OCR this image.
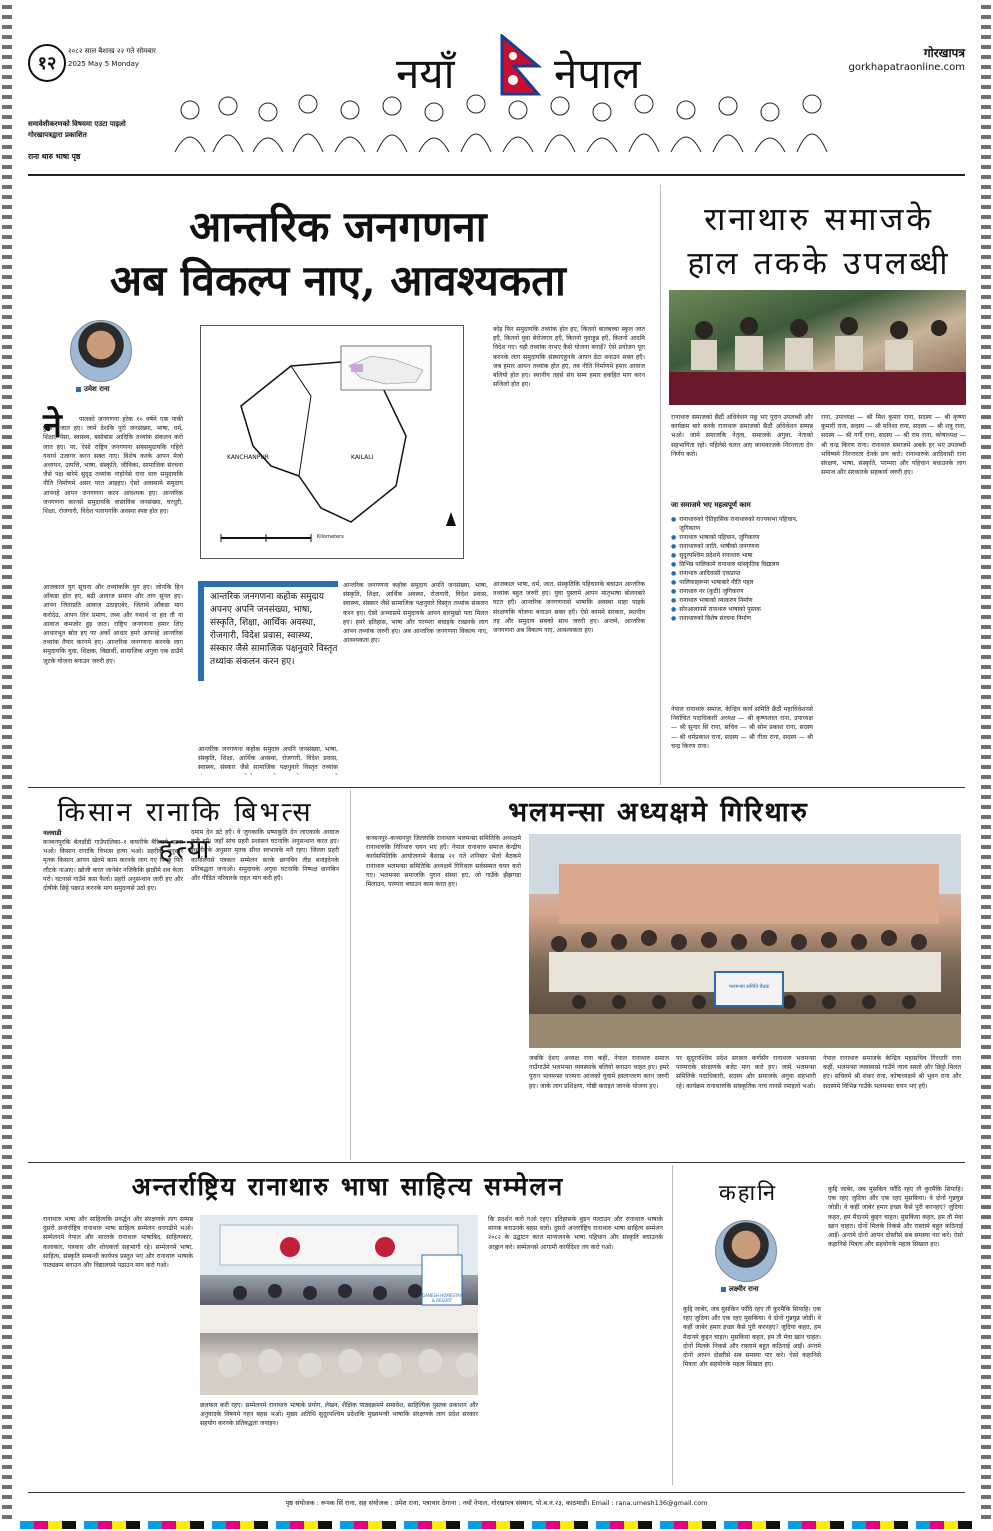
१२
२०८२ साल बैशाख २२ गते सोमबार
2025 May 5 Monday	नयाँ नेपाल	गोरखापत्र
gorkhapatraonline.com
समावेशीकरणको विषयमा एउटा पाइलो
गोरखापत्रद्वारा प्रकाशित
राना थारु भाषा पृष्ठ
आन्तरिक जनगणना
अब विकल्प नाए, आवश्यकता
उमेश राना
ने	पालको जनगणना हरेक १० वर्षमे एक पाकी हुआे जात हए। जामे देशकि पुरो जनसंख्या, भाषा, धर्म, शिक्षा, पेसा, स्वास्थ्य, बसोबास आदिकि तथ्यांक संकलन करो जात हए। पर, ऐसो राष्ट्रिय जनगणना सबसमुदायकि गहिरो यथार्थ उजागर करन सक्त नाए। विशेष करके आपन मेजो अध्ययन, उत्पत्ति, भाषा, संस्कृति, जीविका, सामाजिक संरचना जैसे पक्ष बारेमे सुदृढ तथ्यांक नाहोनेसे राना थारु समुदायकि नीति निर्माणमे असर परत आइहए। ऐसो अवस्थामे समुदाय आपनहे आपन जनगणना करन आवश्यक हए। आन्तरिक जनगणना करनसे समुदायकि वास्तविक जनसंख्या, घरधुरी, शिक्षा, रोजगारी, विदेश पलायनकि अवस्था स्पष्ट होत हए।
आजकाल युग सूचना और तथ्यांककि युग हए। जोनकि हिन आँकडा होत हए, बढी आवाज समान और ताग सुनत हए। आपन जिताप्रति आवाज उठाइएबेर, जिताथे आँकडा माग करोदेउ, आपन तिन प्रमाण, तथ्य और यथार्थ ना हत तौ ना आवाज कमजोर हुइ जात। राष्ट्रिय जनगणना हमार लिए आधारभूत स्रोत हए पर अर्को आधार हमरे आपनहे आन्तरिक तथ्यांक तैयार करनमे हए। आन्तरिक जनगणना करनके लाग समुदायकि युवा, शिक्षक, विद्यार्थी, सामाजिक अगुवा एक ठाउँमे जुटके योजना बनाउन जरुरी हए।
KANCHANPUR	KAILALI
Kilometers
कोइ फिर समुदायकि तथ्यांक होत हए, कितनो बालबच्चा स्कुल जात हएँ, कितनो युवा बेरोजगार हएँ, कितनो युवाहुन्न हएँ, कितनो आदमि विदेश गए। यही तथ्यांक नाभए कैसे योजना बनाइँ? ऐसे प्रयोजन पूरा करनके लाग समुदायकि संस्थाएहुनके आपन डेटा बनाउन सक्त हएँ। जब हमार आपन तथ्यांक होत हए, तब नीति निर्माणमे हमार आवाज बलियो होत हए। स्थानीय तहसे संघ सम्म हमार हकहित माग करन सजिलो होत हए।
आजकाल भाषा, धर्म, जात, संस्कृतिकि पहिचानके बचाउन आन्तरिक तथ्यांक बहुत जरुरी हए। युवा पुस्तामे आपन मातृभाषा बोलनबारे घटत हएँ। आन्तरिक जनगणनासे भाषाकि अवस्था थाहा पाइके संरक्षणकि योजना बनाउन सक्त हएँ। ऐसे काममे सरकार, स्थानीय तह और समुदाय सबको साथ जरुरी हए। अन्तमे, आन्तरिक जनगणना अब विकल्प नाए, आवश्यकता हए।
आन्तरिक जनगणना कहोक समुदाय अपनए अपनि जनसंख्या, भाषा, संस्कृति, शिक्षा, आर्थिक अवस्था, रोजगारी, विदेश प्रवास, स्वास्थ्य, संस्कार जैसे सामाजिक पक्षनुवारे विस्तृत तथ्यांक संकलन करन हए।
आन्तरिक जनगणना कहोक समुदाय अपनि जनसंख्या, भाषा, संस्कृति, शिक्षा, आर्थिक अवस्था, रोजगारी, विदेश प्रवास, स्वास्थ्य, संस्कार जैसे सामाजिक पक्षनुवारे विस्तृत तथ्यांक संकलन करन हए। ऐसो अभ्यासमे समुदायके आपन बारमुखो पता मिलत हए। हमरे इतिहास, भाषा और परम्परा बचाइके राखनके लाग आपन तथ्यांक जरुरी हए। अब आन्तरिक जनगणना विकल्प नाए, आवश्यकता हए।
आन्तरिक जनगणना कहोक समुदाय अपनि जनसंख्या, भाषा, संस्कृति, शिक्षा, आर्थिक अवस्था, रोजगारी, विदेश प्रवास, स्वास्थ्य, संस्कार जैसे सामाजिक पक्षनुवारे विस्तृत तथ्यांक
रानाथारु समाजके
हाल तकके उपलब्धी
रानाथारु समाजको छैठौं अधिवेशन पछु भए पुरान उपलब्धी और कार्यक्रम बारे करके रानाथारु समाजको छैठौं अधिवेशन सम्पन्न भओ। जामे समाजकि नेतृत्व, समाजके अगुवा, नेताको सहभागिता रहो। पहिलेसे चलत आए कामकाजके निरन्तरता देन निर्णय करो।
जा समाजमे भए महत्वपूर्ण काम
● रानाथारुको ऐतिहासिक रानाथारुको राज्यसभा पहिचान, जुगिकरण
● रानाथारु भाषाको पहिचान, जुगिकरण
● रानाथारुको जाति, भाषीको जनगणना
● सुदूरपश्चिम प्रदेशमे रानाथारु भाषा
● विभिन्न पालिकामे रानाथारु सांस्कृतिक विद्यालय
● रानाथारु आदिवासी एकप्राप्त
● पालिकाहरूमा भाषाबारे नीति पहल
● रानाथारु नर (कुटी) जुगिकरण
● रानाथारु भाषाको व्याकरण निर्माण
● सोरआलापसे रानाथारु भाषाको पुस्तक
● रानाथारुको विशेष संरचना निर्माण
नेपाल रानाथारु समाज, केन्द्रिय कार्य समिति छैठौं महाधिवेशनसे निर्वाचित पदाधिकारी अध्यक्ष — श्री कृष्णलाल राना, उपाध्यक्ष — श्री सुन्दर सिं राना, सचिव — श्री सोम प्रकाश राना, सदस्य — श्री धर्मप्रकाश राना, सदस्य — श्री गीता राना, सदस्य — श्री चन्द्र किरण राना।
राना, उपाध्यक्ष — श्री मिश कुमार राना, सदस्य — श्री कृष्णा कुमारी राना, सदस्य — श्री मनिशा राना, सदस्य — श्री शत्रु राना, सदस्य — श्री गर्गी राना, सदस्य — श्री राम राना, कोषाध्यक्ष — श्री चन्द्र किरण राना। रानाथारु समाजमे अबके हर भए उपलब्धी भविष्यमे निरन्तरता देनके प्रण करो। रानाथारुके आदिवासी राना संरक्षण, भाषा, संस्कृति, परम्परा और पहिचान बचाउनके लाग समाज और सरकारके सहकार्य जरुरी हए।
किसान रानाकि बिभत्स हत्या
नलवाडी
कञ्चनपुरकि बेलडाँडी गाउँपालिका–१ कफरीके बैरियामे घटना भओ। किसान रानाकि विभत्स हत्या भओ। प्रहरीके अनुसार मृतक किसान आपन खेतमे काम करनके लाग गए पिच्छु फिर लौटके नाआए। खोजी करत जानेबेर नजिकैकि झाडीमे शव फेला परो। घटनासे गाउँमे त्रास फैलो। प्रहरी अनुसन्धान जारी हए और दोषीके छिट्टे पक्राउ करनके माग समुदायसे उठो हए।
दमाम देन डटे हएँ। वे जुगकाकि प्रष्पाकुति देन लाएकाके आवाज करी हएँ। जहाँ सांच प्रहरी प्रशासन घटनाकि अनुसन्धान करत हए। स्थानीयके अनुसार मृतक सीधा स्वभावके मनै रहए। जिल्ला प्रहरी कार्यालयसे पत्रकार सम्मेलन करके छानबिन तीव्र बनाइदेनके प्रतिबद्धता जनाओ। समुदायके अगुवा घटनाकि निष्पक्ष छानबिन और पीडित परिवारके राहत माग करी हएँ।
भलमन्सा अध्यक्षमे गिरिथारु
कञ्चनपुर–कञ्चनपुर जिल्लाकि रानाथारु भलमन्सा समितिकि अध्यक्षमे रानाथारुकि गिरिथारु चयन भए हएँ। नेपाल रानाथारु समाज केन्द्रीय कार्यसमितिकि आयोजनामे बैशाख २१ गते शनिबार भैलो बैठकमे रानाथारु भलमन्सा समितिकि अध्यक्षमे गिरिथारु सर्वसम्मत चयन करो गए। भलमन्सा समाजकि पुरान संस्था हए, जो गाउँके झैझगडा मिलाउन, परम्परा बचाउन काम करत हए।
भलमन्सा समिति बैठक
जबकि देशए अध्यक्ष राना कहीं, नेपाल रानाथारु समाज गाउँगाउँमे भलमन्सा व्यवस्थाके बलियो बनाउन चाहत हए। हमरे पुरान भलमन्सा परम्परा आजको युवामे हस्तान्तरण करन जरुरी हए। जाके लाग प्रशिक्षण, गोष्ठी कराइत जानके योजना हए।
पर सुदूरपश्चिम प्रदेश सरकार कर्णसँग रानाथारु भलमन्सा परम्पराके संरक्षणके बजेट माग करो हए। जामे भलमन्सा समितिके पदाधिकारी, सदस्य और समाजके अगुवा सहभागी रहे। कार्यक्रम रानाथारुकि सांस्कृतिक नाच गानसे रमाइलो भओ।
नेपाल रानाथारु समाजके केन्द्रिय महासचिव गिरधारि राना कहीं, भलमन्सा व्यवस्थासे गाउँमे न्याय सस्तो और छिट्टो मिलत हए। सचिवमे श्री शंकर राना, कोषाध्यक्षमे श्री भुवन राना और सदस्यमे विभिन्न गाउँके भलमन्सा चयन भए हएँ।
अन्तर्राष्ट्रिय रानाथारु भाषा साहित्य सम्मेलन
रानाथारु भाषा और साहित्यकि प्रवर्द्धन और संरक्षणके लाग सम्पन्न दुसरो अन्तर्राष्ट्रिय रानाथारु भाषा साहित्य सम्मेलन धनगढीमे भओ। सम्मेलनमे नेपाल और भारतके रानाथारु भाषाबिद, साहित्यकार, कलाकार, पत्रकार और शोधकर्ता सहभागी रहे। सम्मेलनमे भाषा, साहित्य, संस्कृति सम्बन्धी कार्यपत्र प्रस्तुत भए और रानाथारु भाषाके पाठ्यक्रम बनाउन और विद्यालयमे पढाउन माग करो गओ।
GANESH HOMESTAY & RESORT
छलफल करी रहए। सम्मेलनमे रानाथारु भाषाके प्रयोग, लेखन, शैक्षिक पाठ्यक्रममे समावेश, साहित्यिक पुस्तक प्रकाशन और अनुवादके विषयमे गहन बहस भओ। मुख्य अतिथि सुदूरपश्चिम प्रदेशकि मुख्यमन्त्री भाषाकि संरक्षणके लाग प्रदेश सरकार सहयोग करनके प्रतिबद्धता जनाइन।
कि प्रदर्शन करो गओ रहए। इतिहासके बुडन पल्टाउन और रानाथारु भाषाके मानक बनाउनके बहस चलो। दुसरो अन्तर्राष्ट्रिय रानाथारु भाषा साहित्य सम्मेलन २०८२ के उद्घाटन करत मान्यजनके भाषा पहिचान और संस्कृति बचाउनके आह्वान करे। सम्मेलनसे आगामी कार्यदिशा तय करो गओ।
कहानि
लक्ष्मीर राना
कुद्दि जाबेर, जब मुसकिन फाँदि रहए तौ कुरमैकि सिपाहि। एक रहए जुदिया और एक रहए मुसकिया। वे दोनों गुन्नघुन्न जोडीं। वे कहीं जाबेर हमार इच्छा कैसे पुरी करनहए? जुदिया कहत, हम मैदानमे कुद्दन चाहत। मुसकिया कहत, हम तौ मेवा खान चाहत। दोनों मिलके निकसे और रास्तामे बहुत कठिनाई आइँ। अन्तमे दोनों आपन दोस्तीसे सब समस्या पार करे। ऐसो कहानिसे मित्रता और सहयोगके महत्व सिखात हए।
कुद्दि जाबेर, जब मुसकिन फाँदि रहए तौ कुरमैकि सिपाहि। एक रहए जुदिया और एक रहए मुसकिया। वे दोनों गुन्नघुन्न जोडीं। वे कहीं जाबेर हमार इच्छा कैसे पुरी करनहए? जुदिया कहत, हम मैदानमे कुद्दन चाहत। मुसकिया कहत, हम तौ मेवा खान चाहत। दोनों मिलके निकसे और रास्तामे बहुत कठिनाई आइँ। अन्तमे दोनों आपन दोस्तीसे सब समस्या पार करे। ऐसो कहानिसे मित्रता और सहयोगके महत्व सिखात हए।
पृष्ठ संयोजक : रूपक सिं राना, सह संयोजक : उमेश राना, पत्राचार ठेगाना : नयाँ नेपाल, गोरखापत्र संस्थान, पो.ब.नं.२३, काठमाडौं। Email : rana.umesh136@gmail.com
